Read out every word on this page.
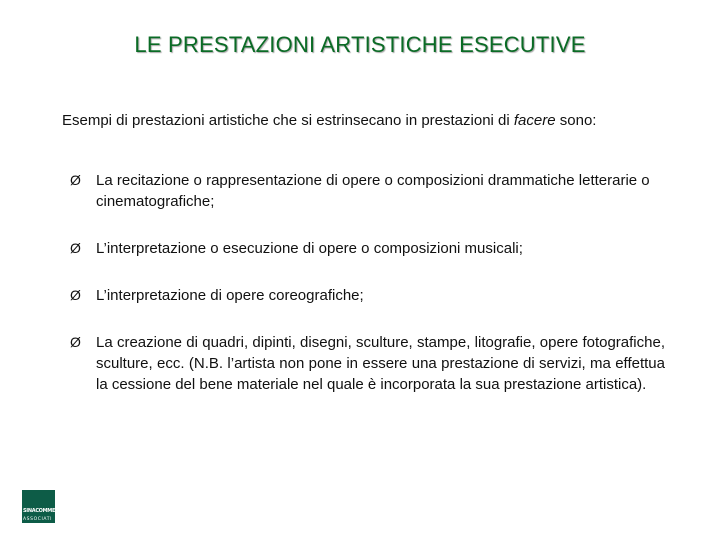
LE PRESTAZIONI ARTISTICHE ESECUTIVE
Esempi di prestazioni artistiche che si estrinsecano in prestazioni di facere sono:
Ø La recitazione o rappresentazione di opere o composizioni drammatiche letterarie o cinematografiche;
Ø L’interpretazione o esecuzione di opere o composizioni musicali;
Ø L’interpretazione di opere coreografiche;
Ø La creazione di quadri, dipinti, disegni, sculture, stampe, litografie, opere fotografiche, sculture, ecc. (N.B. l’artista non pone in essere una prestazione di servizi, ma effettua la cessione del bene materiale nel quale è incorporata la sua prestazione artistica).
SINACOMMELLO
ASSOCIATI
